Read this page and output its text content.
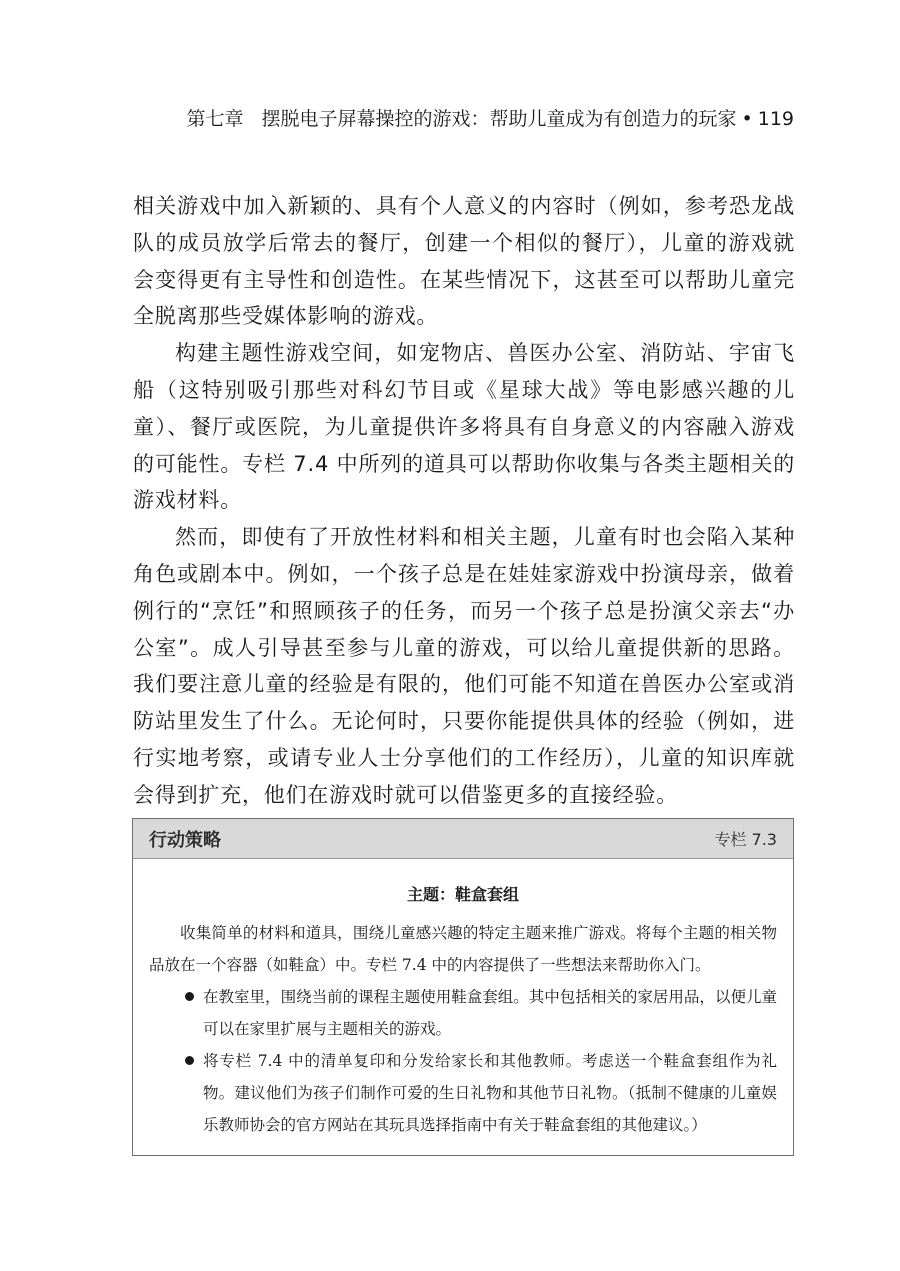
第七章 摆脱电子屏幕操控的游戏：帮助儿童成为有创造力的玩家 • 119

相关游戏中加入新颖的、具有个人意义的内容时（例如，参考恐龙战队的成员放学后常去的餐厅，创建一个相似的餐厅），儿童的游戏就会变得更有主导性和创造性。在某些情况下，这甚至可以帮助儿童完全脱离那些受媒体影响的游戏。

构建主题性游戏空间，如宠物店、兽医办公室、消防站、宇宙飞船（这特别吸引那些对科幻节目或《星球大战》等电影感兴趣的儿童）、餐厅或医院，为儿童提供许多将具有自身意义的内容融入游戏的可能性。专栏 7.4 中所列的道具可以帮助你收集与各类主题相关的游戏材料。

然而，即使有了开放性材料和相关主题，儿童有时也会陷入某种角色或剧本中。例如，一个孩子总是在娃娃家游戏中扮演母亲，做着例行的“烹饪”和照顾孩子的任务，而另一个孩子总是扮演父亲去“办公室”。成人引导甚至参与儿童的游戏，可以给儿童提供新的思路。我们要注意儿童的经验是有限的，他们可能不知道在兽医办公室或消防站里发生了什么。无论何时，只要你能提供具体的经验（例如，进行实地考察，或请专业人士分享他们的工作经历），儿童的知识库就会得到扩充，他们在游戏时就可以借鉴更多的直接经验。

行动策略	专栏 7.3
主题：鞋盒套组

收集简单的材料和道具，围绕儿童感兴趣的特定主题来推广游戏。将每个主题的相关物品放在一个容器（如鞋盒）中。专栏 7.4 中的内容提供了一些想法来帮助你入门。

在教室里，围绕当前的课程主题使用鞋盒套组。其中包括相关的家居用品，以便儿童可以在家里扩展与主题相关的游戏。
将专栏 7.4 中的清单复印和分发给家长和其他教师。考虑送一个鞋盒套组作为礼物。建议他们为孩子们制作可爱的生日礼物和其他节日礼物。（抵制不健康的儿童娱乐教师协会的官方网站在其玩具选择指南中有关于鞋盒套组的其他建议。）
